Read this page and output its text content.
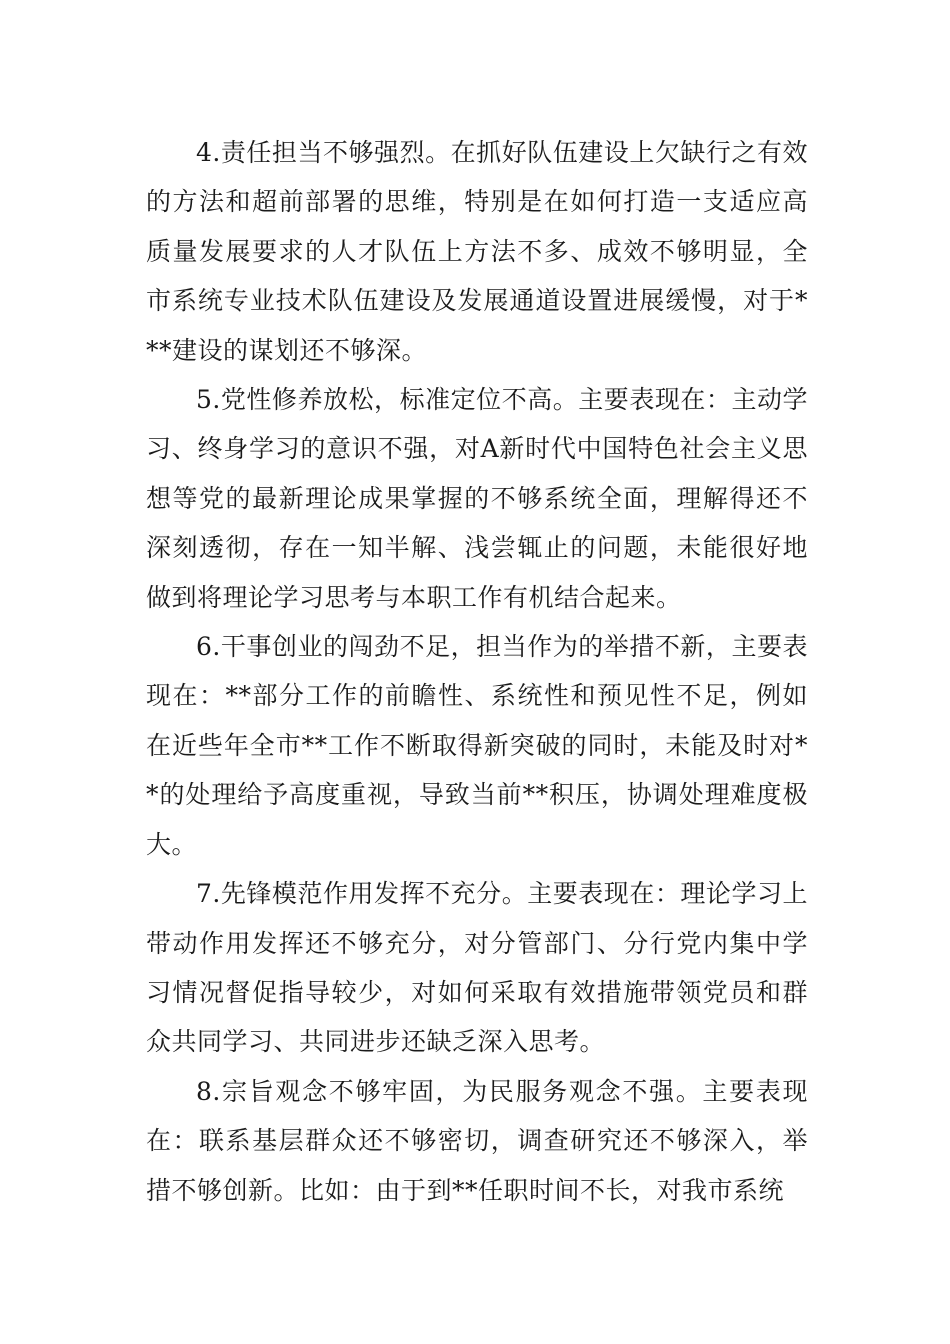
4.责任担当不够强烈。在抓好队伍建设上欠缺行之有效的方法和超前部署的思维，特别是在如何打造一支适应高质量发展要求的人才队伍上方法不多、成效不够明显，全市系统专业技术队伍建设及发展通道设置进展缓慢，对于***建设的谋划还不够深。

5.党性修养放松，标准定位不高。主要表现在：主动学习、终身学习的意识不强，对A新时代中国特色社会主义思想等党的最新理论成果掌握的不够系统全面，理解得还不深刻透彻，存在一知半解、浅尝辄止的问题，未能很好地做到将理论学习思考与本职工作有机结合起来。

6.干事创业的闯劲不足，担当作为的举措不新，主要表现在：**部分工作的前瞻性、系统性和预见性不足，例如在近些年全市**工作不断取得新突破的同时，未能及时对**的处理给予高度重视，导致当前**积压，协调处理难度极大。

7.先锋模范作用发挥不充分。主要表现在：理论学习上带动作用发挥还不够充分，对分管部门、分行党内集中学习情况督促指导较少，对如何采取有效措施带领党员和群众共同学习、共同进步还缺乏深入思考。

8.宗旨观念不够牢固，为民服务观念不强。主要表现在：联系基层群众还不够密切，调查研究还不够深入，举措不够创新。比如：由于到**任职时间不长，对我市系统
